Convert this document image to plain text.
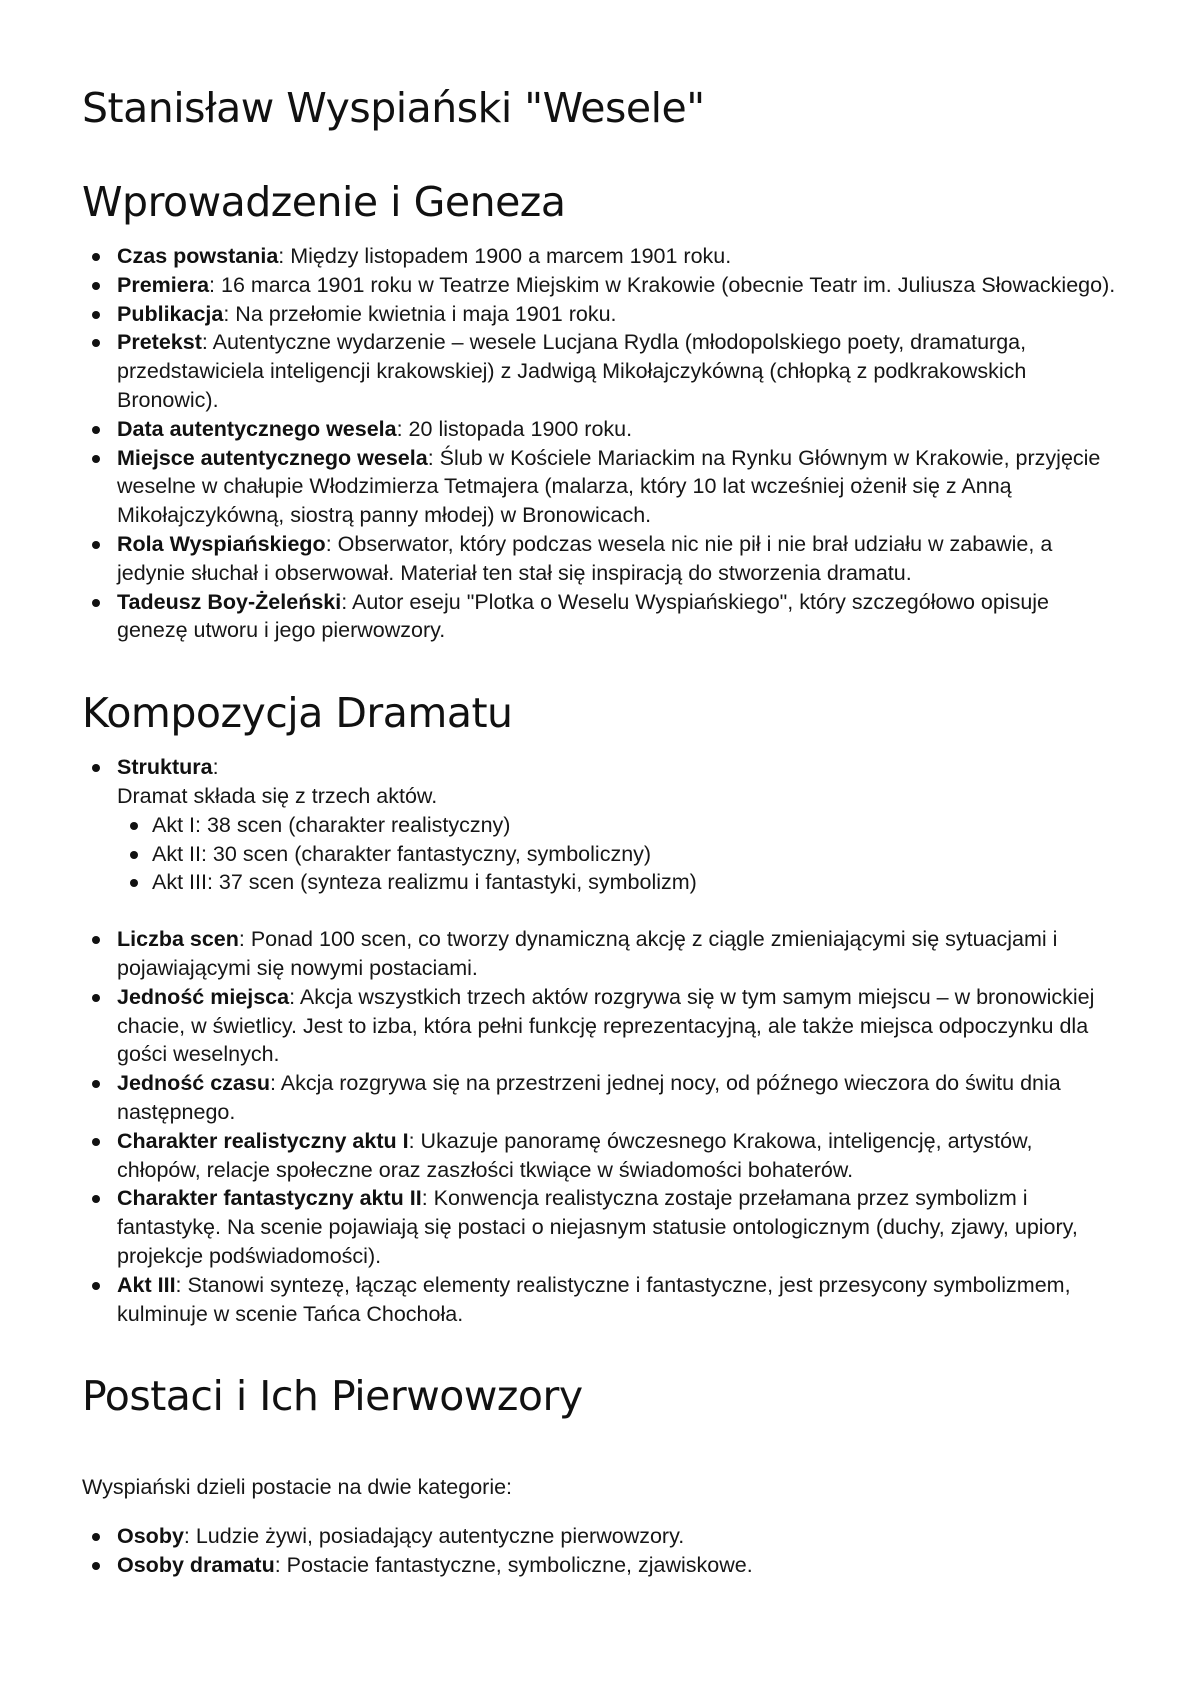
Stanisław Wyspiański "Wesele"
Wprowadzenie i Geneza
Czas powstania: Między listopadem 1900 a marcem 1901 roku.
Premiera: 16 marca 1901 roku w Teatrze Miejskim w Krakowie (obecnie Teatr im. Juliusza Słowackiego).
Publikacja: Na przełomie kwietnia i maja 1901 roku.
Pretekst: Autentyczne wydarzenie – wesele Lucjana Rydla (młodopolskiego poety, dramaturga, przedstawiciela inteligencji krakowskiej) z Jadwigą Mikołajczykówną (chłopką z podkrakowskich Bronowic).
Data autentycznego wesela: 20 listopada 1900 roku.
Miejsce autentycznego wesela: Ślub w Kościele Mariackim na Rynku Głównym w Krakowie, przyjęcie weselne w chałupie Włodzimierza Tetmajera (malarza, który 10 lat wcześniej ożenił się z Anną Mikołajczykówną, siostrą panny młodej) w Bronowicach.
Rola Wyspiańskiego: Obserwator, który podczas wesela nic nie pił i nie brał udziału w zabawie, a jedynie słuchał i obserwował. Materiał ten stał się inspiracją do stworzenia dramatu.
Tadeusz Boy-Żeleński: Autor eseju "Plotka o Weselu Wyspiańskiego", który szczegółowo opisuje genezę utworu i jego pierwowzory.
Kompozycja Dramatu
Struktura:
Dramat składa się z trzech aktów.
Akt I: 38 scen (charakter realistyczny)
Akt II: 30 scen (charakter fantastyczny, symboliczny)
Akt III: 37 scen (synteza realizmu i fantastyki, symbolizm)
Liczba scen: Ponad 100 scen, co tworzy dynamiczną akcję z ciągle zmieniającymi się sytuacjami i pojawiającymi się nowymi postaciami.
Jedność miejsca: Akcja wszystkich trzech aktów rozgrywa się w tym samym miejscu – w bronowickiej chacie, w świetlicy. Jest to izba, która pełni funkcję reprezentacyjną, ale także miejsca odpoczynku dla gości weselnych.
Jedność czasu: Akcja rozgrywa się na przestrzeni jednej nocy, od późnego wieczora do świtu dnia następnego.
Charakter realistyczny aktu I: Ukazuje panoramę ówczesnego Krakowa, inteligencję, artystów, chłopów, relacje społeczne oraz zaszłości tkwiące w świadomości bohaterów.
Charakter fantastyczny aktu II: Konwencja realistyczna zostaje przełamana przez symbolizm i fantastykę. Na scenie pojawiają się postaci o niejasnym statusie ontologicznym (duchy, zjawy, upiory, projekcje podświadomości).
Akt III: Stanowi syntezę, łącząc elementy realistyczne i fantastyczne, jest przesycony symbolizmem, kulminuje w scenie Tańca Chochoła.
Postaci i Ich Pierwowzory

Wyspiański dzieli postacie na dwie kategorie:

Osoby: Ludzie żywi, posiadający autentyczne pierwowzory.
Osoby dramatu: Postacie fantastyczne, symboliczne, zjawiskowe.
